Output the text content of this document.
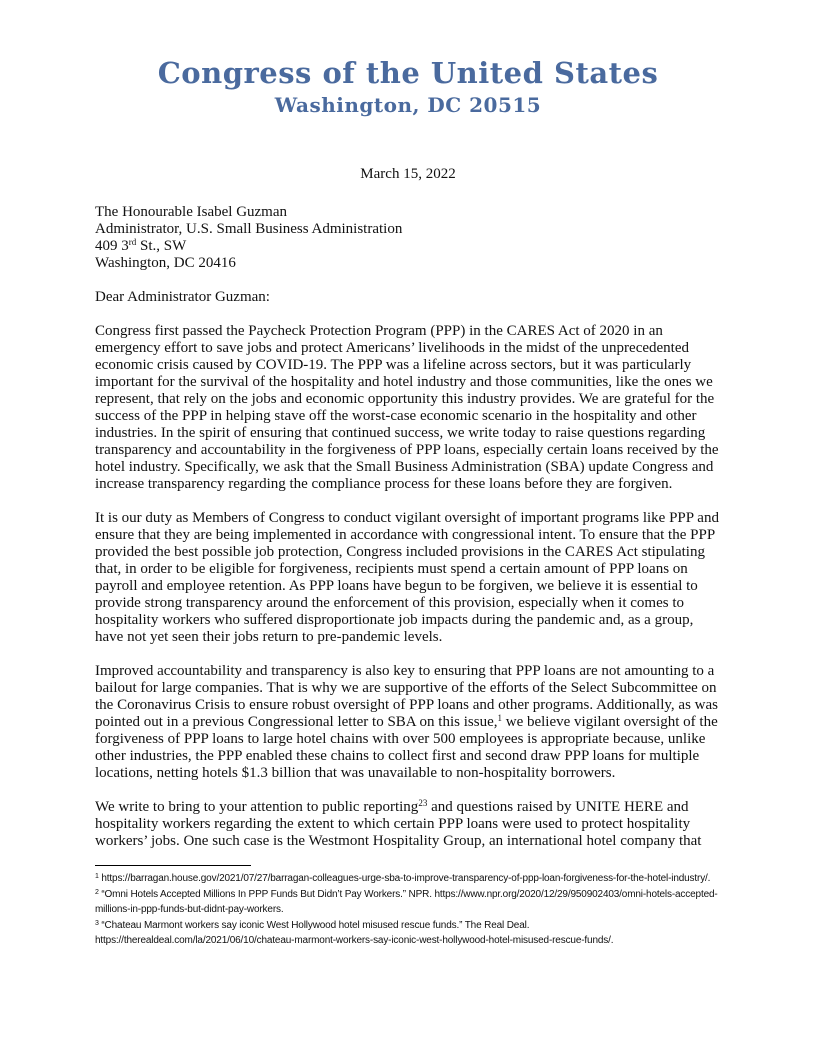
Congress of the United States
Washington, DC 20515
March 15, 2022
The Honourable Isabel Guzman
Administrator, U.S. Small Business Administration
409 3rd St., SW
Washington, DC 20416
Dear Administrator Guzman:

Congress first passed the Paycheck Protection Program (PPP) in the CARES Act of 2020 in an emergency effort to save jobs and protect Americans’ livelihoods in the midst of the unprecedented economic crisis caused by COVID-19. The PPP was a lifeline across sectors, but it was particularly important for the survival of the hospitality and hotel industry and those communities, like the ones we represent, that rely on the jobs and economic opportunity this industry provides. We are grateful for the success of the PPP in helping stave off the worst-case economic scenario in the hospitality and other industries. In the spirit of ensuring that continued success, we write today to raise questions regarding transparency and accountability in the forgiveness of PPP loans, especially certain loans received by the hotel industry. Specifically, we ask that the Small Business Administration (SBA) update Congress and increase transparency regarding the compliance process for these loans before they are forgiven.

It is our duty as Members of Congress to conduct vigilant oversight of important programs like PPP and ensure that they are being implemented in accordance with congressional intent. To ensure that the PPP provided the best possible job protection, Congress included provisions in the CARES Act stipulating that, in order to be eligible for forgiveness, recipients must spend a certain amount of PPP loans on payroll and employee retention. As PPP loans have begun to be forgiven, we believe it is essential to provide strong transparency around the enforcement of this provision, especially when it comes to hospitality workers who suffered disproportionate job impacts during the pandemic and, as a group, have not yet seen their jobs return to pre-pandemic levels.

Improved accountability and transparency is also key to ensuring that PPP loans are not amounting to a bailout for large companies. That is why we are supportive of the efforts of the Select Subcommittee on the Coronavirus Crisis to ensure robust oversight of PPP loans and other programs. Additionally, as was pointed out in a previous Congressional letter to SBA on this issue,$^1$ we believe vigilant oversight of the forgiveness of PPP loans to large hotel chains with over 500 employees is appropriate because, unlike other industries, the PPP enabled these chains to collect first and second draw PPP loans for multiple locations, netting hotels $1.3 billion that was unavailable to non-hospitality borrowers.

We write to bring to your attention to public reporting$^{23}$ and questions raised by UNITE HERE and hospitality workers regarding the extent to which certain PPP loans were used to protect hospitality workers’ jobs. One such case is the Westmont Hospitality Group, an international hotel company that

$^1$ https://barragan.house.gov/2021/07/27/barragan-colleagues-urge-sba-to-improve-transparency-of-ppp-loan-forgiveness-for-the-hotel-industry/.
$^2$ “Omni Hotels Accepted Millions In PPP Funds But Didn’t Pay Workers.” NPR. https://www.npr.org/2020/12/29/950902403/omni-hotels-accepted-millions-in-ppp-funds-but-didnt-pay-workers.
$^3$ “Chateau Marmont workers say iconic West Hollywood hotel misused rescue funds.” The Real Deal. https://therealdeal.com/la/2021/06/10/chateau-marmont-workers-say-iconic-west-hollywood-hotel-misused-rescue-funds/.
